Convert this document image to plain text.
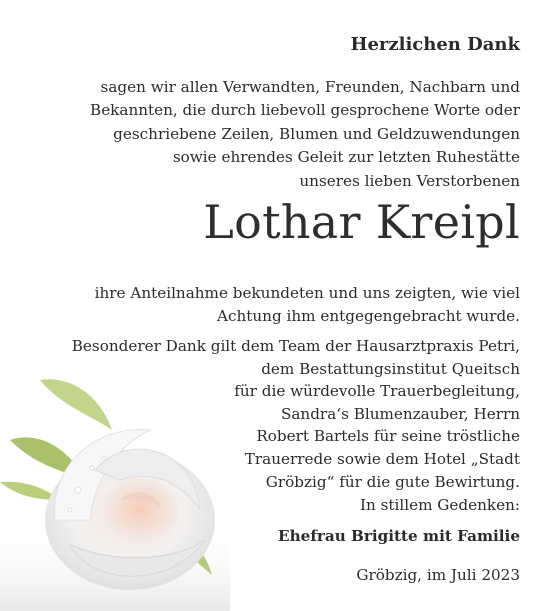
Herzlichen Dank
sagen wir allen Verwandten, Freunden, Nachbarn und
Bekannten, die durch liebevoll gesprochene Worte oder
geschriebene Zeilen, Blumen und Geldzuwendungen
sowie ehrendes Geleit zur letzten Ruhestätte
unseres lieben Verstorbenen
Lothar Kreipl
ihre Anteilnahme bekundeten und uns zeigten, wie viel
Achtung ihm entgegengebracht wurde.
Besonderer Dank gilt dem Team der Hausarztpraxis Petri,
dem Bestattungsinstitut Queitsch
für die würdevolle Trauerbegleitung,
Sandra‘s Blumenzauber, Herrn
Robert Bartels für seine tröstliche
Trauerrede sowie dem Hotel „Stadt
Gröbzig“ für die gute Bewirtung.
In stillem Gedenken:
Ehefrau Brigitte mit Familie
Gröbzig, im Juli 2023
